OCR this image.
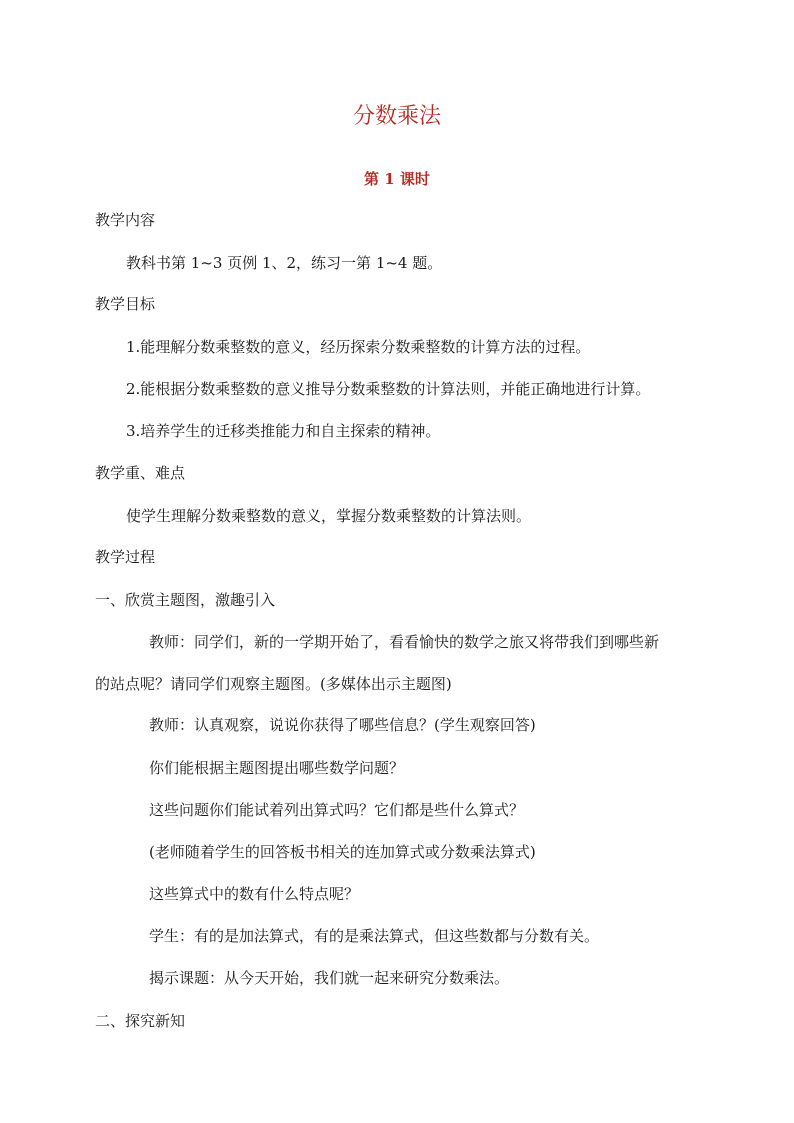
分数乘法
第 1 课时
教学内容
教科书第 1~3 页例 1、2，练习一第 1~4 题。
教学目标
1.能理解分数乘整数的意义，经历探索分数乘整数的计算方法的过程。
2.能根据分数乘整数的意义推导分数乘整数的计算法则，并能正确地进行计算。
3.培养学生的迁移类推能力和自主探索的精神。
教学重、难点
使学生理解分数乘整数的意义，掌握分数乘整数的计算法则。
教学过程
一、欣赏主题图，激趣引入
教师：同学们，新的一学期开始了，看看愉快的数学之旅又将带我们到哪些新
的站点呢？请同学们观察主题图。(多媒体出示主题图)
教师：认真观察，说说你获得了哪些信息？(学生观察回答)
你们能根据主题图提出哪些数学问题？
这些问题你们能试着列出算式吗？它们都是些什么算式？
(老师随着学生的回答板书相关的连加算式或分数乘法算式)
这些算式中的数有什么特点呢？
学生：有的是加法算式，有的是乘法算式，但这些数都与分数有关。
揭示课题：从今天开始，我们就一起来研究分数乘法。
二、探究新知
